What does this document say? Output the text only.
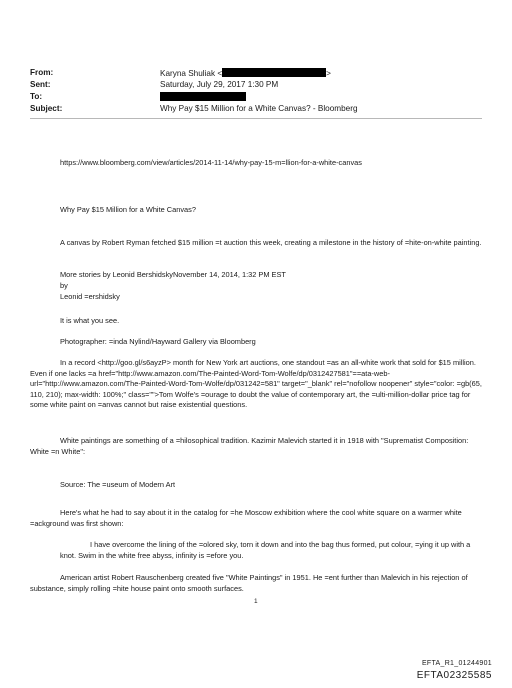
From:	Karyna Shuliak <	>
Sent:	Saturday, July 29, 2017 1:30 PM
To:
Subject:	Why Pay $15 Million for a White Canvas? - Bloomberg

https://www.bloomberg.com/view/articles/2014-11-14/why-pay-15-m=llion-for-a-white-canvas

Why Pay $15 Million for a White Canvas?

A canvas by Robert Ryman fetched $15 million =t auction this week, creating a milestone in the history of =hite-on-white painting.

More stories by Leonid BershidskyNovember 14, 2014, 1:32 PM EST

by

Leonid =ershidsky

It is what you see.

Photographer: =inda Nylind/Hayward Gallery via Bloomberg

In a record <http://goo.gl/s6ayzP> month for New York art auctions, one standout =as an all-white work that sold for $15 million. Even if one lacks =a href="http://www.amazon.com/The-Painted-Word-Tom-Wolfe/dp/0312427581"==ata-web-url="http://www.amazon.com/The-Painted-Word-Tom-Wolfe/dp/031242=581" target="_blank" rel="nofollow noopener" style="color: =gb(65, 110, 210); max-width: 100%;" class="">Tom Wolfe's =ourage to doubt the value of contemporary art, the =ulti-million-dollar price tag for some white paint on =anvas cannot but raise existential questions.

White paintings are something of a =hilosophical tradition. Kazimir Malevich started it in 1918 with "Suprematist Composition: White =n White":

Source: The =useum of Modern Art

Here's what he had to say about it in the catalog for =he Moscow exhibition where the cool white square on a warmer white =ackground was first shown:

I have overcome the lining of the =olored sky, torn it down and into the bag thus formed, put colour, =ying it up with a knot. Swim in the white free abyss, infinity is =efore you.

American artist Robert Rauschenberg created five "White Paintings" in 1951. He =ent further than Malevich in his rejection of substance, simply rolling =hite house paint onto smooth surfaces.

1
EFTA_R1_01244901
EFTA02325585
